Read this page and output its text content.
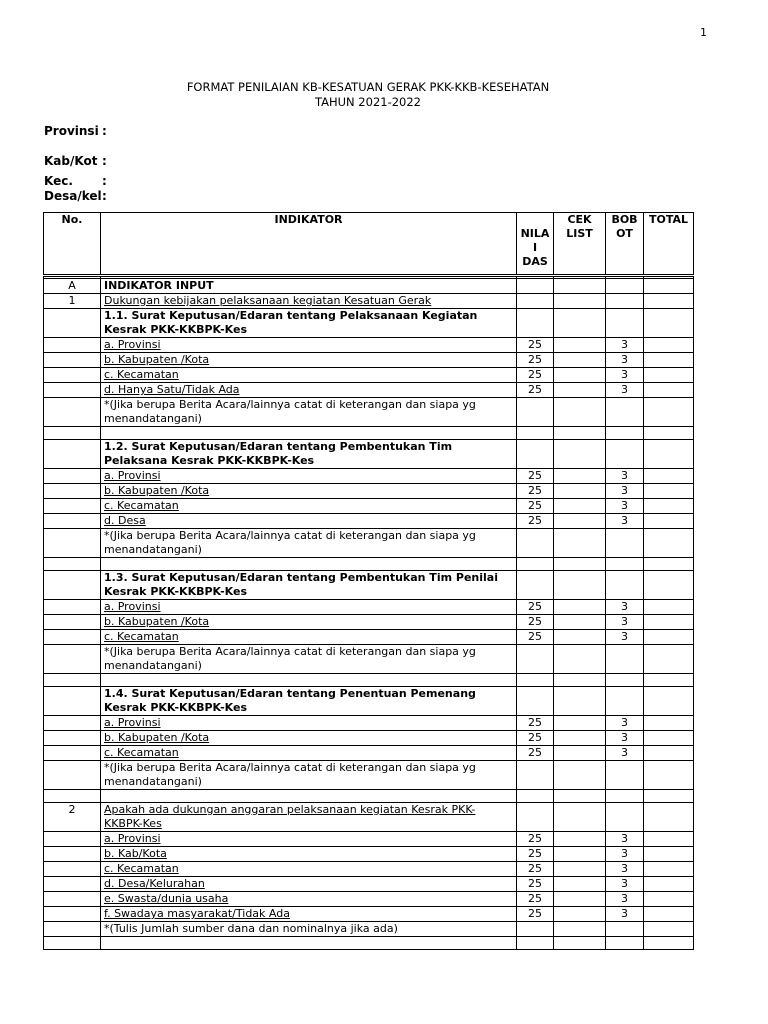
1
FORMAT PENILAIAN KB-KESATUAN GERAK PKK-KKB-KESEHATAN
TAHUN 2021-2022
Provinsi :
Kab/Kot :
Kec. :
Desa/kel:
No.	INDIKATOR	NILA I DAS	CEK LIST	BOB OT	TOTAL

A	INDIKATOR INPUT				
1	Dukungan kebijakan pelaksanaan kegiatan Kesatuan Gerak				
	1.1. Surat Keputusan/Edaran tentang Pelaksanaan Kegiatan Kesrak PKK-KKBPK-Kes				
	a. Provinsi	25		3	
	b. Kabupaten /Kota	25		3	
	c. Kecamatan	25		3	
	d. Hanya Satu/Tidak Ada	25		3	
	*(Jika berupa Berita Acara/lainnya catat di keterangan dan siapa yg menandatangani)				

	1.2. Surat Keputusan/Edaran tentang Pembentukan Tim Pelaksana Kesrak PKK-KKBPK-Kes				
	a. Provinsi	25		3	
	b. Kabupaten /Kota	25		3	
	c. Kecamatan	25		3	
	d. Desa	25		3	
	*(Jika berupa Berita Acara/lainnya catat di keterangan dan siapa yg menandatangani)				

	1.3. Surat Keputusan/Edaran tentang Pembentukan Tim Penilai Kesrak PKK-KKBPK-Kes				
	a. Provinsi	25		3	
	b. Kabupaten /Kota	25		3	
	c. Kecamatan	25		3	
	*(Jika berupa Berita Acara/lainnya catat di keterangan dan siapa yg menandatangani)				

	1.4. Surat Keputusan/Edaran tentang Penentuan Pemenang Kesrak PKK-KKBPK-Kes				
	a. Provinsi	25		3	
	b. Kabupaten /Kota	25		3	
	c. Kecamatan	25		3	
	*(Jika berupa Berita Acara/lainnya catat di keterangan dan siapa yg menandatangani)				

2	Apakah ada dukungan anggaran pelaksanaan kegiatan Kesrak PKK-KKBPK-Kes				
	a. Provinsi	25		3	
	b. Kab/Kota	25		3	
	c. Kecamatan	25		3	
	d. Desa/Kelurahan	25		3	
	e. Swasta/dunia usaha	25		3	
	f. Swadaya masyarakat/Tidak Ada	25		3	
	*(Tulis Jumlah sumber dana dan nominalnya jika ada)				
